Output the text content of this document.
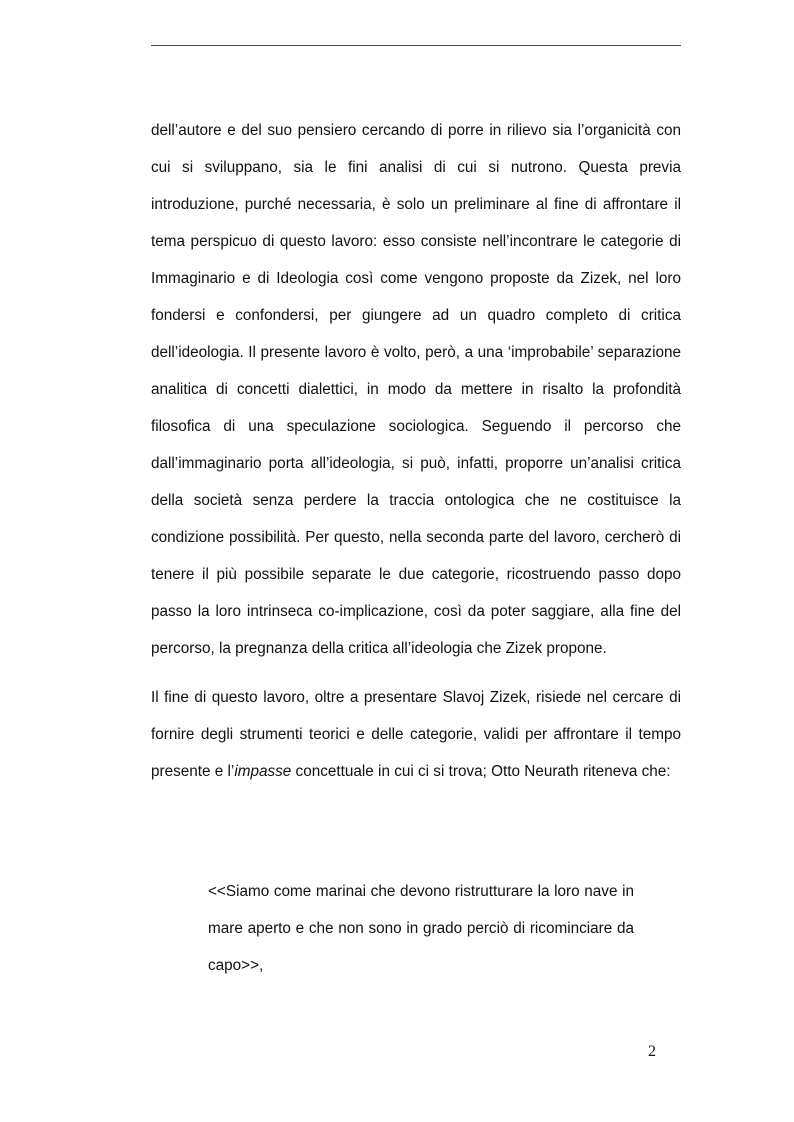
dell’autore e del suo pensiero cercando di porre in rilievo sia l’organicità con cui si sviluppano, sia le fini analisi di cui si nutrono. Questa previa introduzione, purché necessaria, è solo un preliminare al fine di affrontare il tema perspicuo di questo lavoro: esso consiste nell’incontrare le categorie di Immaginario e di Ideologia così come vengono proposte da Zizek, nel loro fondersi e confondersi, per giungere ad un quadro completo di critica dell’ideologia. Il presente lavoro è volto, però, a una ‘improbabile’ separazione analitica di concetti dialettici, in modo da mettere in risalto la profondità filosofica di una speculazione sociologica. Seguendo il percorso che dall’immaginario porta all’ideologia, si può, infatti, proporre un’analisi critica della società senza perdere la traccia ontologica che ne costituisce la condizione possibilità. Per questo, nella seconda parte del lavoro, cercherò di tenere il più possibile separate le due categorie, ricostruendo passo dopo passo la loro intrinseca co-implicazione, così da poter saggiare, alla fine del percorso, la pregnanza della critica all’ideologia che Zizek propone.

Il fine di questo lavoro, oltre a presentare Slavoj Zizek, risiede nel cercare di fornire degli strumenti teorici e delle categorie, validi per affrontare il tempo presente e l’impasse concettuale in cui ci si trova; Otto Neurath riteneva che:

<<Siamo come marinai che devono ristrutturare la loro nave in mare aperto e che non sono in grado perciò di ricominciare da capo>>,

2
